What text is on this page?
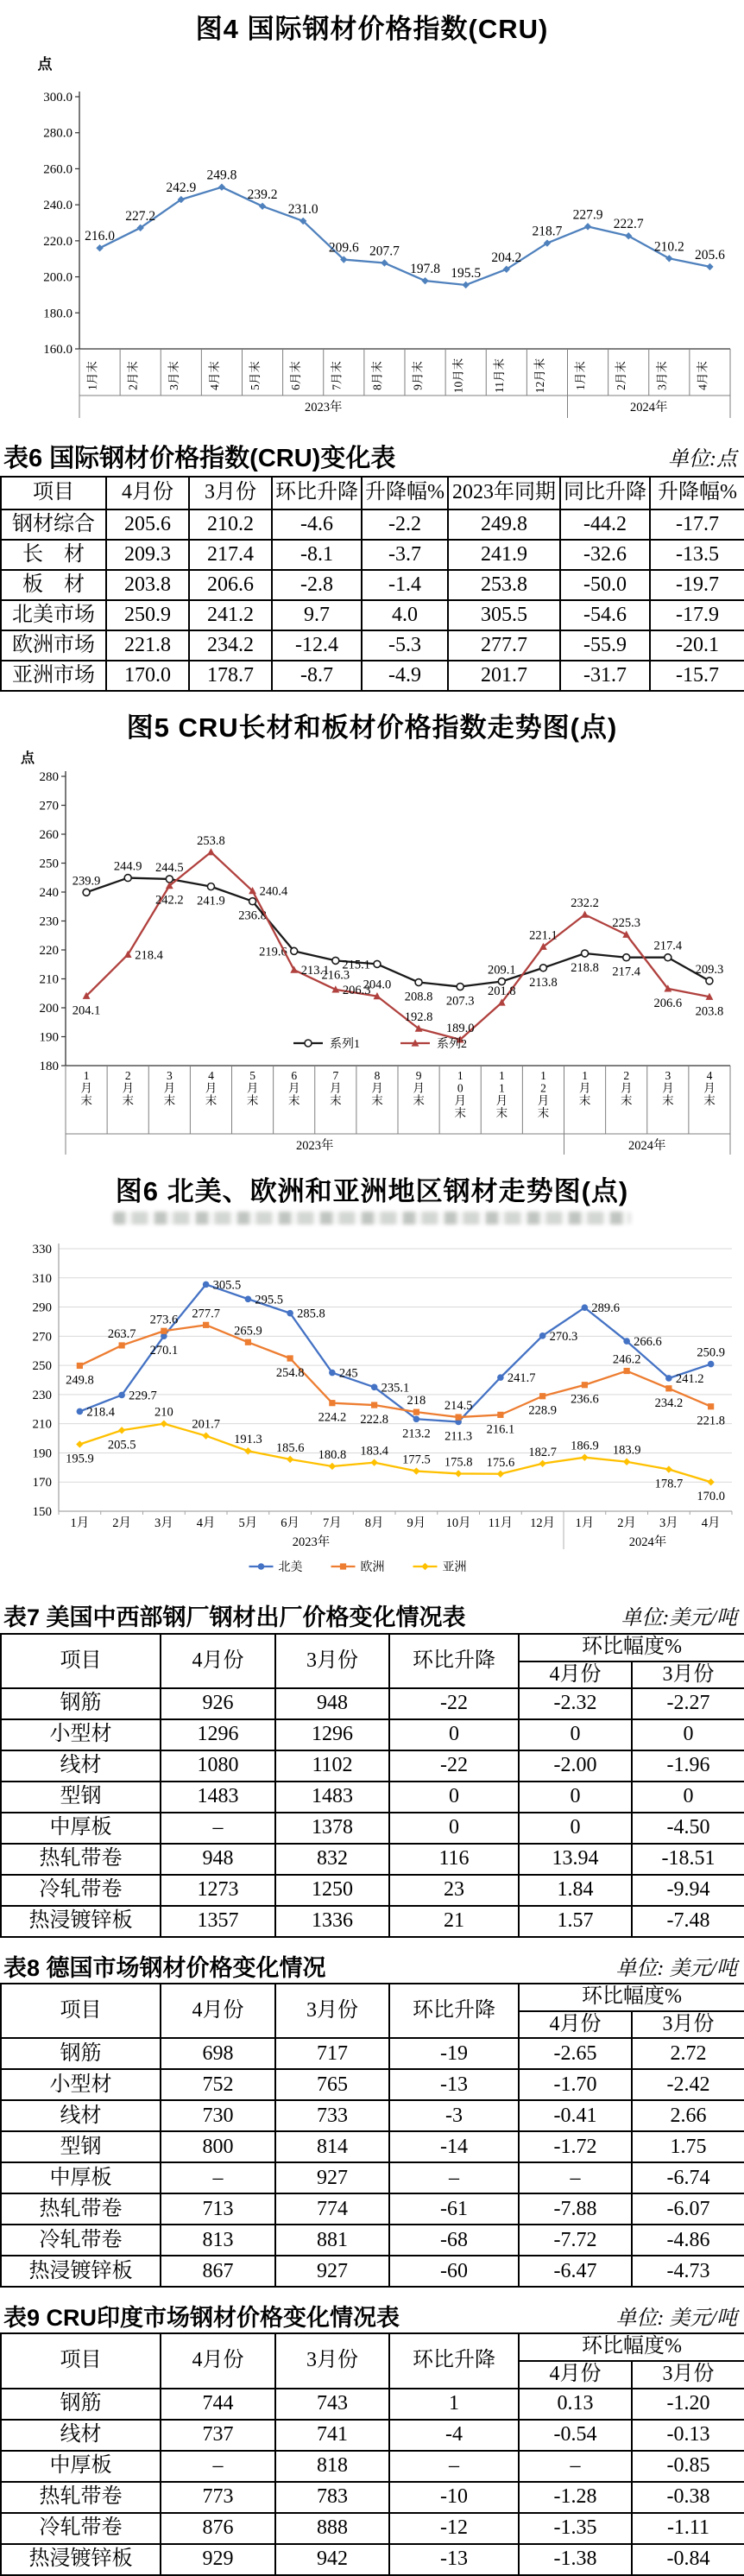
图4 国际钢材价格指数(CRU)
点
160.0
180.0
200.0
220.0
240.0
260.0
280.0
300.0
1月末 2月末 3月末 4月末 5月末 6月末 7月末 8月末 9月末 10月末 11月末 12月末 1月末 2月末 3月末 4月末
2023年	2024年
216.0
227.2
242.9
249.8
239.2
231.0
209.6 207.7
197.8 195.5
204.2
218.7
227.9
222.7
210.2
205.6
表6 国际钢材价格指数(CRU)变化表	单位:点
项目	4月份	3月份	环比升降	升降幅%	2023年同期	同比升降	升降幅%
钢材综合	205.6	210.2	-4.6	-2.2	249.8	-44.2	-17.7
长　材	209.3	217.4	-8.1	-3.7	241.9	-32.6	-13.5
板　材	203.8	206.6	-2.8	-1.4	253.8	-50.0	-19.7
北美市场	250.9	241.2	9.7	4.0	305.5	-54.6	-17.9
欧洲市场	221.8	234.2	-12.4	-5.3	277.7	-55.9	-20.1
亚洲市场	170.0	178.7	-8.7	-4.9	201.7	-31.7	-15.7
图5 CRU长材和板材价格指数走势图(点)
点
180
190
200
210
220
230
240
250
260
270
280
1 月末
2 月末
3 月末
4 月末
5 月末
6 月末
7 月末
8 月末
9 月末
1 0 月末
1 1 月末
1 2 月末
1 月末
2 月末
3 月末
4 月末
2023年	2024年
239.9
244.9 244.5
241.9
236.8
219.6
216.3
215.1
208.8 207.3
209.1
213.8
218.8 217.4
217.4
209.3
204.1
218.4
242.2
253.8
240.4
213.1
206.3
204.0
192.8
189.0
201.8
221.1
232.2
225.3
206.6
203.8
系列1	系列2
图6 北美、欧洲和亚洲地区钢材走势图(点)
150
170
190
210
230
250
270
290
310
330
1月 2月 3月 4月 5月 6月 7月 8月 9月 10月 11月 12月 1月 2月 3月 4月
2023年	2024年
218.4
229.7
270.1
305.5
295.5
285.8
245
235.1
213.2 211.3
241.7
270.3
289.6
266.6
241.2
250.9
249.8
263.7
273.6 277.7
265.9
254.8
224.2 222.8
218 214.5
216.1
228.9
236.6
246.2
234.2
221.8
195.9
205.5
210
201.7
191.3
185.6
180.8 183.4
177.5 175.8 175.6
182.7 186.9 183.9
178.7
170.0
北美	欧洲	亚洲
表7 美国中西部钢厂钢材出厂价格变化情况表	单位:美元/吨
项目	4月份	3月份	环比升降	环比幅度%	
				4月份	3月份
钢筋	926	948	-22	-2.32	-2.27
小型材	1296	1296	0	0	0
线材	1080	1102	-22	-2.00	-1.96
型钢	1483	1483	0	0	0
中厚板	–	1378	0	0	-4.50
热轧带卷	948	832	116	13.94	-18.51
冷轧带卷	1273	1250	23	1.84	-9.94
热浸镀锌板	1357	1336	21	1.57	-7.48
表8 德国市场钢材价格变化情况	单位: 美元/吨
项目	4月份	3月份	环比升降	环比幅度%	
				4月份	3月份
钢筋	698	717	-19	-2.65	2.72
小型材	752	765	-13	-1.70	-2.42
线材	730	733	-3	-0.41	2.66
型钢	800	814	-14	-1.72	1.75
中厚板	–	927	–	–	-6.74
热轧带卷	713	774	-61	-7.88	-6.07
冷轧带卷	813	881	-68	-7.72	-4.86
热浸镀锌板	867	927	-60	-6.47	-4.73
表9 CRU印度市场钢材价格变化情况表	单位: 美元/吨
项目	4月份	3月份	环比升降	环比幅度%	
				4月份	3月份
钢筋	744	743	1	0.13	-1.20
线材	737	741	-4	-0.54	-0.13
中厚板	–	818	–	–	-0.85
热轧带卷	773	783	-10	-1.28	-0.38
冷轧带卷	876	888	-12	-1.35	-1.11
热浸镀锌板	929	942	-13	-1.38	-0.84
